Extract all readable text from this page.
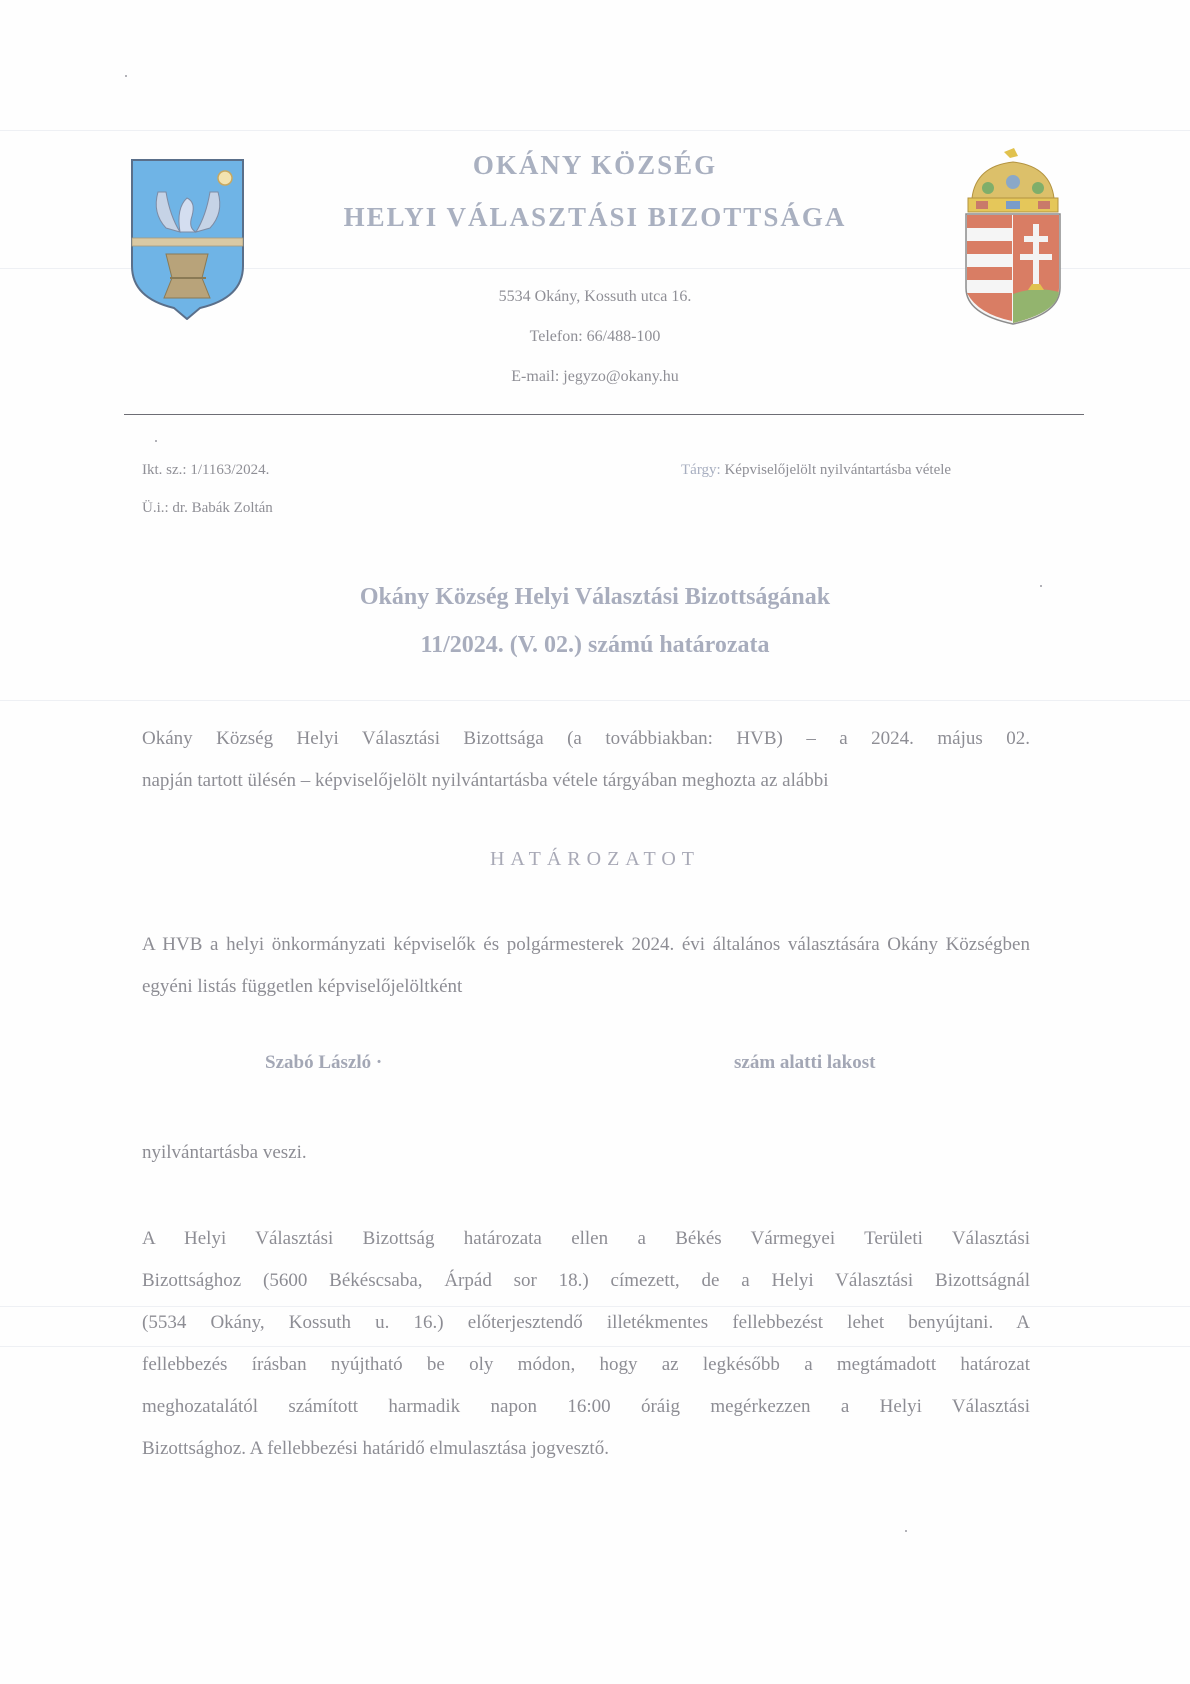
OKÁNY KÖZSÉG
HELYI VÁLASZTÁSI BIZOTTSÁGA
5534 Okány, Kossuth utca 16.
Telefon: 66/488-100
E-mail: jegyzo@okany.hu
Ikt. sz.: 1/1163/2024.
Ü.i.: dr. Babák Zoltán
Tárgy: Képviselőjelölt nyilvántartásba vétele
Okány Község Helyi Választási Bizottságának
11/2024. (V. 02.) számú határozata
Okány Község Helyi Választási Bizottsága (a továbbiakban: HVB) – a 2024. május 02.
napján tartott ülésén – képviselőjelölt nyilvántartásba vétele tárgyában meghozta az alábbi
HATÁROZATOT
A HVB a helyi önkormányzati képviselők és polgármesterek 2024. évi általános választására Okány Községben egyéni listás független képviselőjelöltként
Szabó László ·	szám alatti lakost
nyilvántartásba veszi.
A Helyi Választási Bizottság határozata ellen a Békés Vármegyei Területi Választási
Bizottsághoz (5600 Békéscsaba, Árpád sor 18.) címezett, de a Helyi Választási Bizottságnál
(5534 Okány, Kossuth u. 16.) előterjesztendő illetékmentes fellebbezést lehet benyújtani. A
fellebbezés írásban nyújtható be oly módon, hogy az legkésőbb a megtámadott határozat
meghozatalától számított harmadik napon 16:00 óráig megérkezzen a Helyi Választási
Bizottsághoz. A fellebbezési határidő elmulasztása jogvesztő.
